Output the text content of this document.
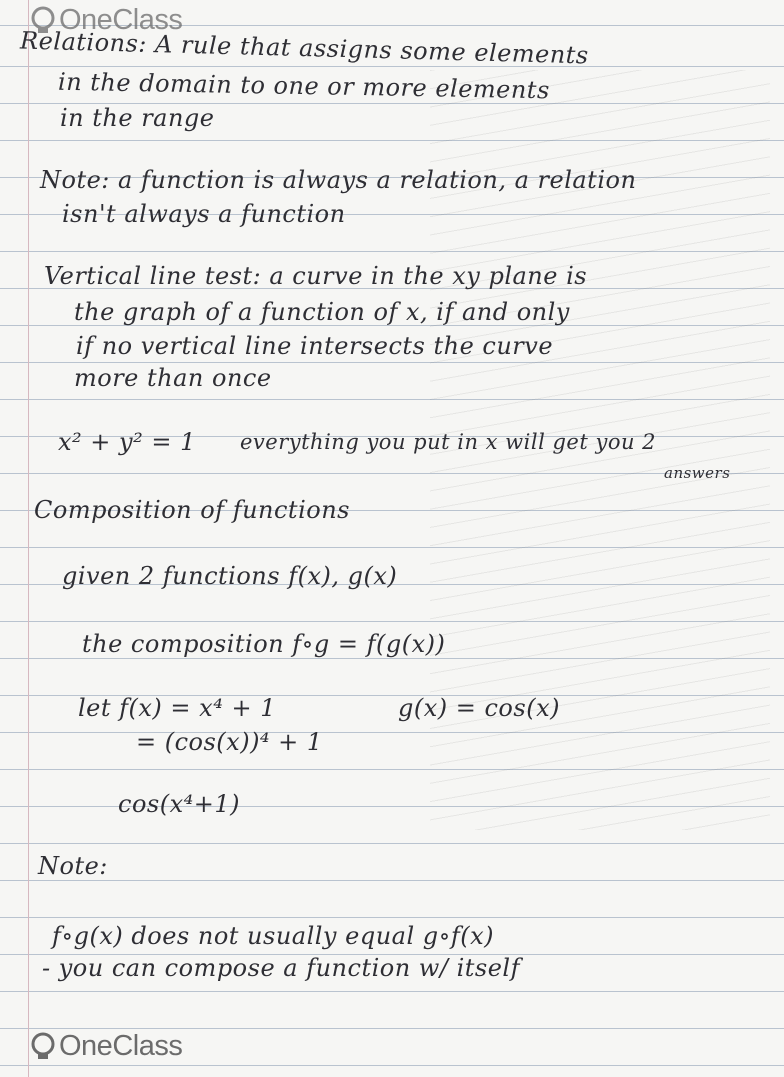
OneClass
Relations: A rule that assigns some elements
in the domain to one or more elements
in the range
Note: a function is always a relation, a relation
isn't always a function
Vertical line test: a curve in the xy plane is
the graph of a function of x, if and only
if no vertical line intersects the curve
more than once
x² + y² = 1 everything you put in x will get you 2
answers
Composition of functions
given 2 functions f(x), g(x)
the composition f∘g = f(g(x))
let f(x) = x⁴ + 1	g(x) = cos(x)
= (cos(x))⁴ + 1
cos(x⁴+1)
Note:
f∘g(x) does not usually equal g∘f(x)
- you can compose a function w/ itself
OneClass
